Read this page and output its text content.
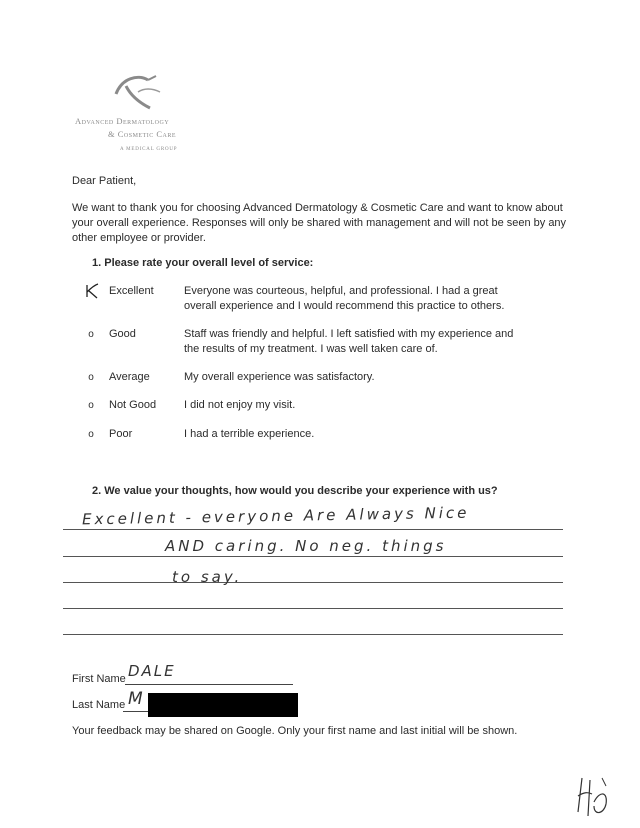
Advanced Dermatology
& Cosmetic Care
A MEDICAL GROUP
Dear Patient,
We want to thank you for choosing Advanced Dermatology & Cosmetic Care and want to know about
your overall experience. Responses will only be shared with management and will not be seen by any
other employee or provider.
1. Please rate your overall level of service:
Excellent	Everyone was courteous, helpful, and professional. I had a great
overall experience and I would recommend this practice to others.
o Good	Staff was friendly and helpful. I left satisfied with my experience and
the results of my treatment. I was well taken care of.
o Average	My overall experience was satisfactory.
o Not Good	I did not enjoy my visit.
o Poor	I had a terrible experience.
2. We value your thoughts, how would you describe your experience with us?
Excellent - everyone Are Always Nice
AND caring. No neg. things
to say.
First Name DALE
Last Name M
Your feedback may be shared on Google. Only your first name and last initial will be shown.
